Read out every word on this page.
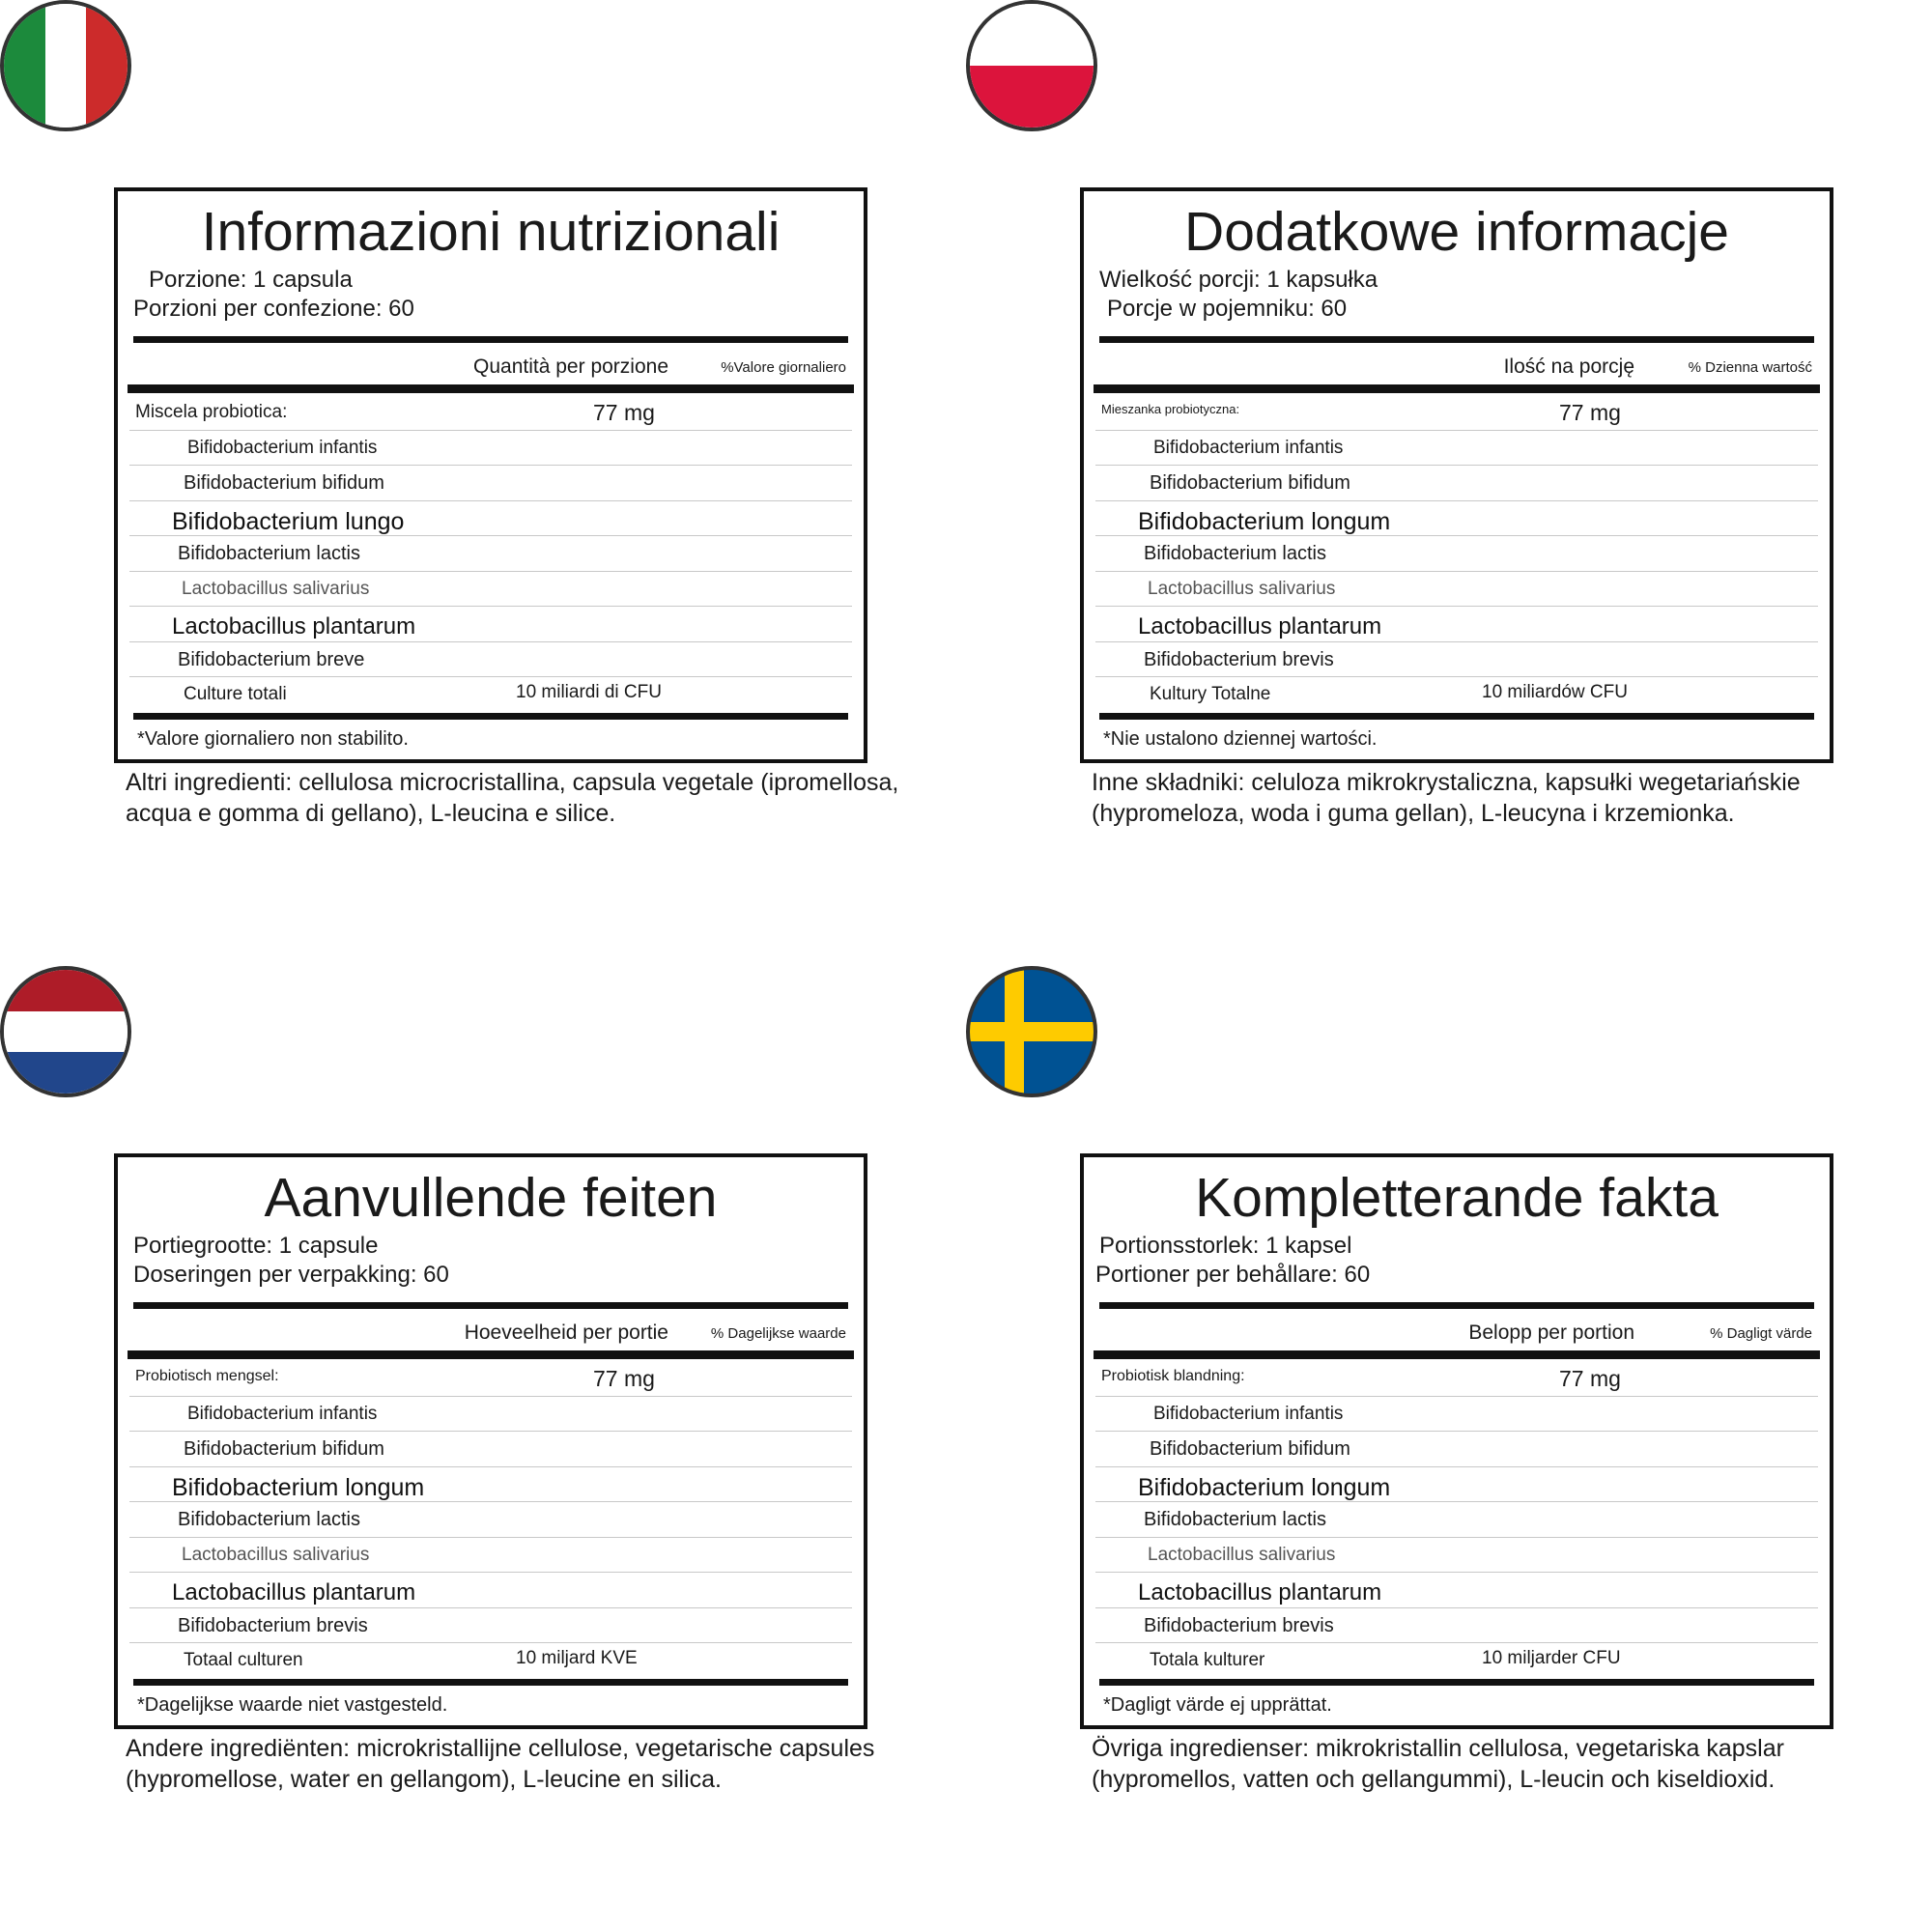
Informazioni nutrizionali
Porzione: 1 capsula
Porzioni per confezione: 60
Quantità per porzione	%Valore giornaliero
Miscela probiotica:	77 mg
Bifidobacterium infantis
Bifidobacterium bifidum
Bifidobacterium lungo
Bifidobacterium lactis
Lactobacillus salivarius
Lactobacillus plantarum
Bifidobacterium breve
Culture totali	10 miliardi di CFU
*Valore giornaliero non stabilito.
Altri ingredienti: cellulosa microcristallina, capsula vegetale (ipromellosa, acqua e gomma di gellano), L-leucina e silice.
Dodatkowe informacje
Wielkość porcji: 1 kapsułka
Porcje w pojemniku: 60
Ilość na porcję	% Dzienna wartość
Mieszanka probiotyczna:	77 mg
Bifidobacterium infantis
Bifidobacterium bifidum
Bifidobacterium longum
Bifidobacterium lactis
Lactobacillus salivarius
Lactobacillus plantarum
Bifidobacterium brevis
Kultury Totalne	10 miliardów CFU
*Nie ustalono dziennej wartości.
Inne składniki: celuloza mikrokrystaliczna, kapsułki wegetariańskie (hypromeloza, woda i guma gellan), L-leucyna i krzemionka.
Aanvullende feiten
Portiegrootte: 1 capsule
Doseringen per verpakking: 60
Hoeveelheid per portie	% Dagelijkse waarde
Probiotisch mengsel:	77 mg
Bifidobacterium infantis
Bifidobacterium bifidum
Bifidobacterium longum
Bifidobacterium lactis
Lactobacillus salivarius
Lactobacillus plantarum
Bifidobacterium brevis
Totaal culturen	10 miljard KVE
*Dagelijkse waarde niet vastgesteld.
Andere ingrediënten: microkristallijne cellulose, vegetarische capsules (hypromellose, water en gellangom), L-leucine en silica.
Kompletterande fakta
Portionsstorlek: 1 kapsel
Portioner per behållare: 60
Belopp per portion	% Dagligt värde
Probiotisk blandning:	77 mg
Bifidobacterium infantis
Bifidobacterium bifidum
Bifidobacterium longum
Bifidobacterium lactis
Lactobacillus salivarius
Lactobacillus plantarum
Bifidobacterium brevis
Totala kulturer	10 miljarder CFU
*Dagligt värde ej upprättat.
Övriga ingredienser: mikrokristallin cellulosa, vegetariska kapslar (hypromellos, vatten och gellangummi), L-leucin och kiseldioxid.
